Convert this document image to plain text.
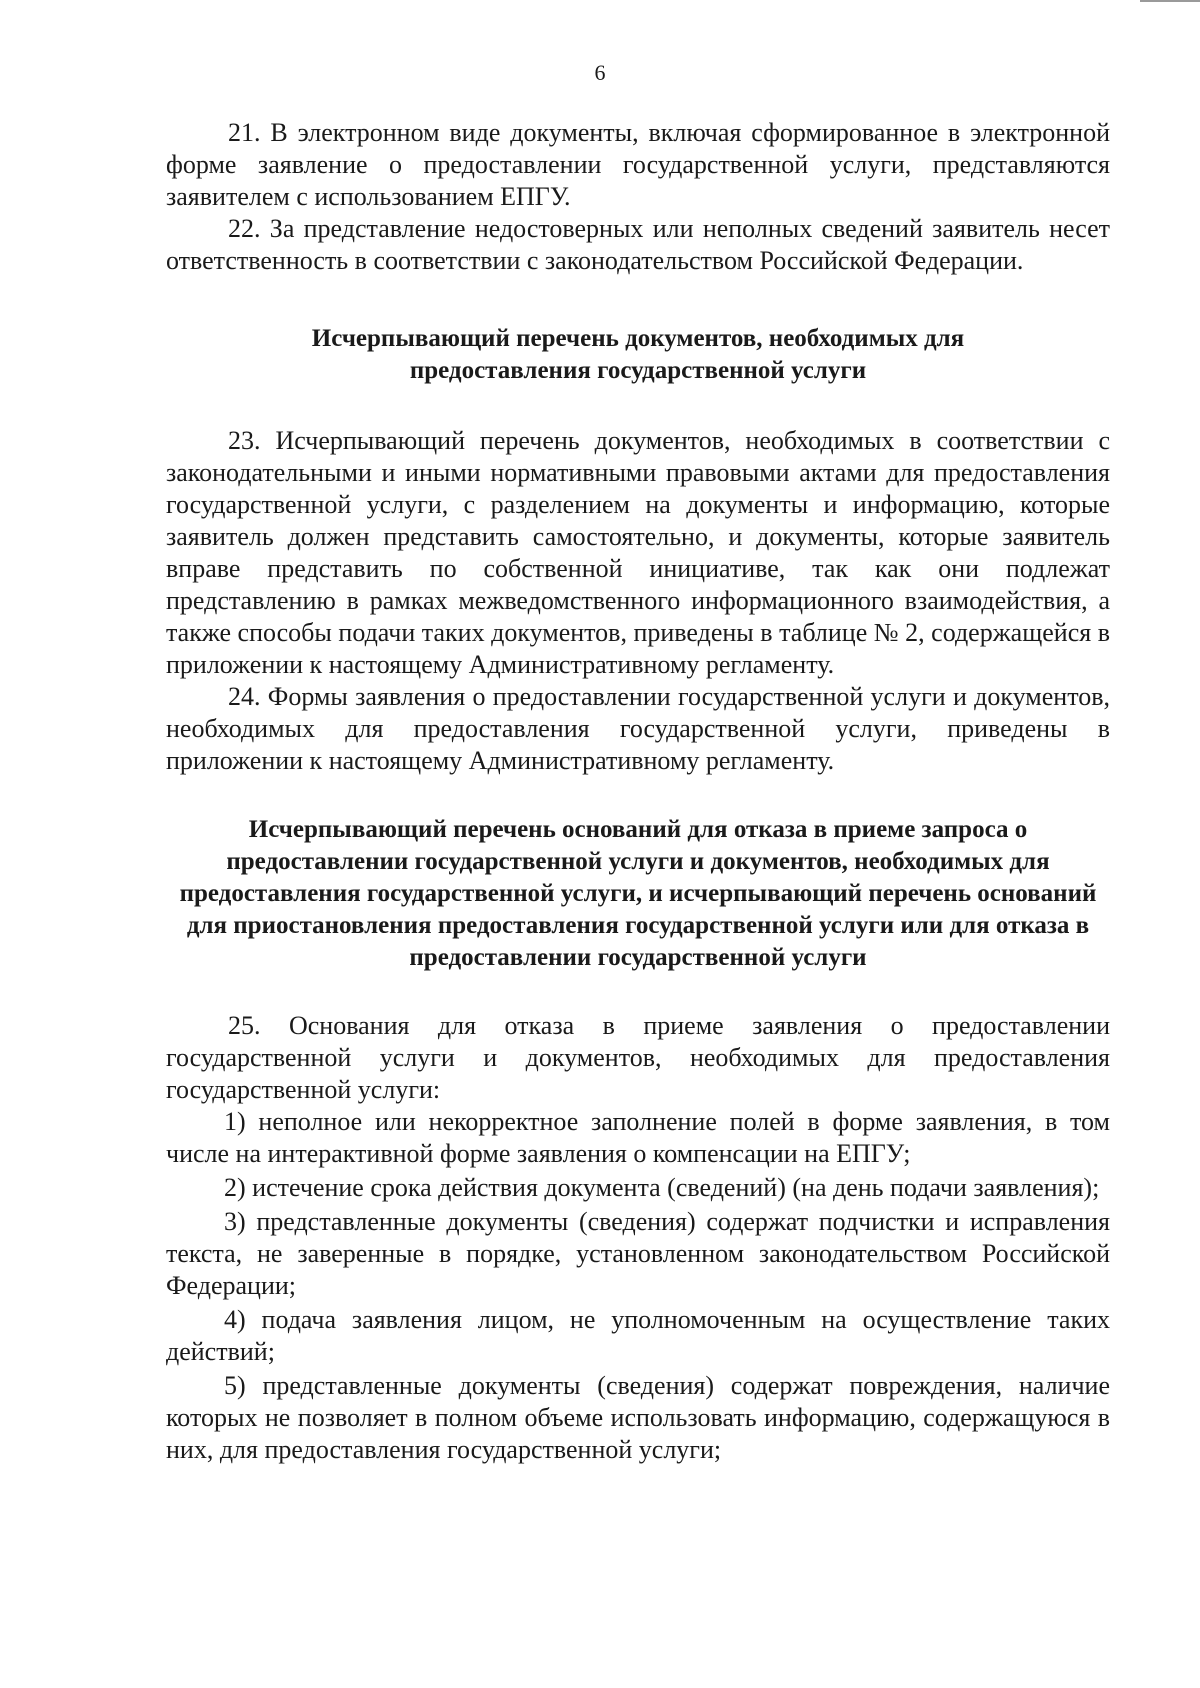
6

21. В электронном виде документы, включая сформированное в электронной форме заявление о предоставлении государственной услуги, представляются заявителем с использованием ЕПГУ.

22. За представление недостоверных или неполных сведений заявитель несет ответственность в соответствии с законодательством Российской Федерации.

Исчерпывающий перечень документов, необходимых для предоставления государственной услуги

23. Исчерпывающий перечень документов, необходимых в соответствии с законодательными и иными нормативными правовыми актами для предоставления государственной услуги, с разделением на документы и информацию, которые заявитель должен представить самостоятельно, и документы, которые заявитель вправе представить по собственной инициативе, так как они подлежат представлению в рамках межведомственного информационного взаимодействия, а также способы подачи таких документов, приведены в таблице № 2, содержащейся в приложении к настоящему Административному регламенту.

24. Формы заявления о предоставлении государственной услуги и документов, необходимых для предоставления государственной услуги, приведены в приложении к настоящему Административному регламенту.

Исчерпывающий перечень оснований для отказа в приеме запроса о предоставлении государственной услуги и документов, необходимых для предоставления государственной услуги, и исчерпывающий перечень оснований для приостановления предоставления государственной услуги или для отказа в предоставлении государственной услуги

25. Основания для отказа в приеме заявления о предоставлении государственной услуги и документов, необходимых для предоставления государственной услуги:

1) неполное или некорректное заполнение полей в форме заявления, в том числе на интерактивной форме заявления о компенсации на ЕПГУ;

2) истечение срока действия документа (сведений) (на день подачи заявления);

3) представленные документы (сведения) содержат подчистки и исправления текста, не заверенные в порядке, установленном законодательством Российской Федерации;

4) подача заявления лицом, не уполномоченным на осуществление таких действий;

5) представленные документы (сведения) содержат повреждения, наличие которых не позволяет в полном объеме использовать информацию, содержащуюся в них, для предоставления государственной услуги;
